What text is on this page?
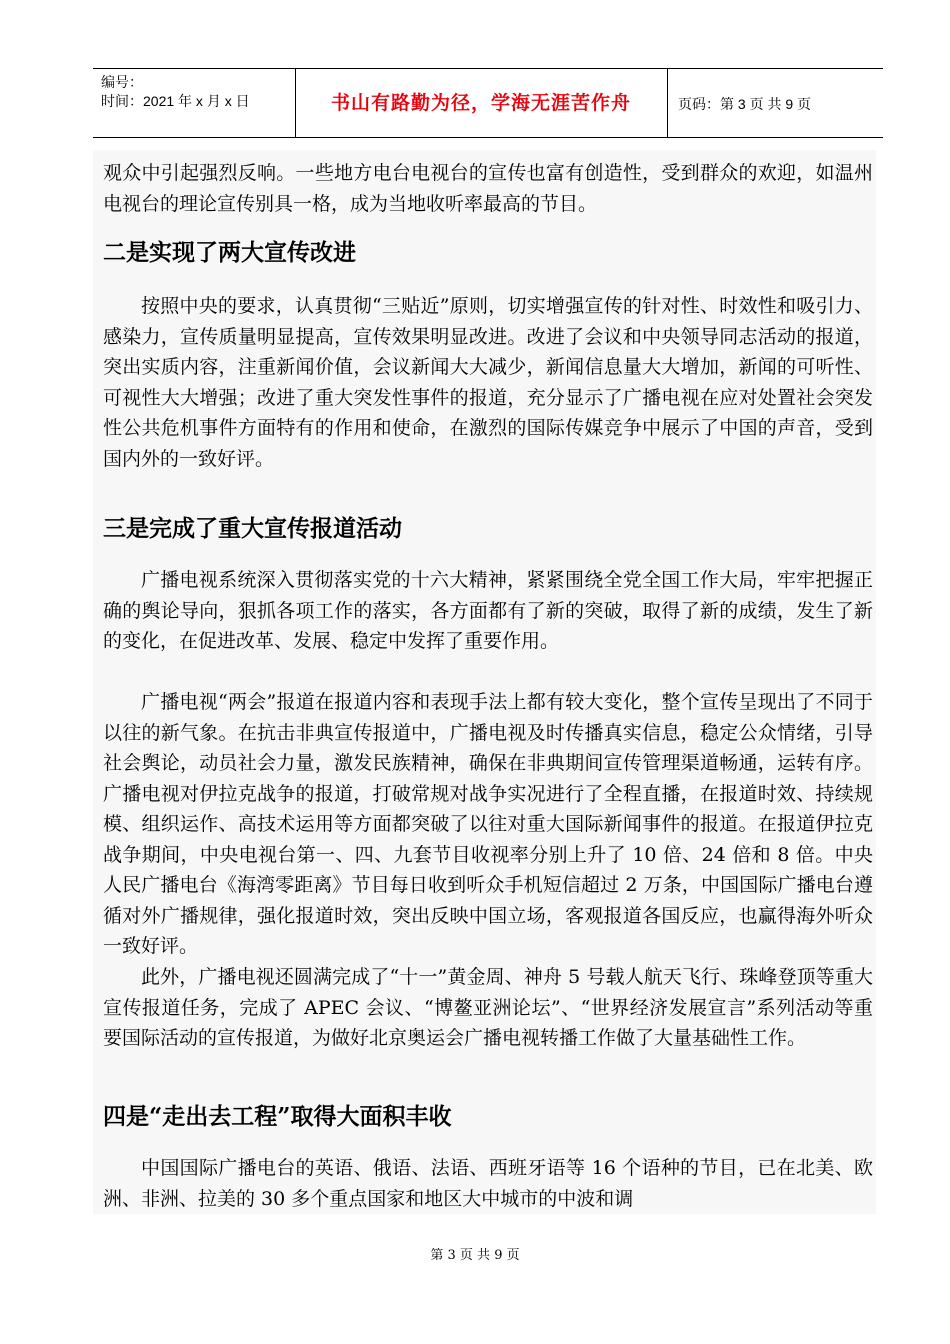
编号：
时间：2021 年 x 月 x 日	书山有路勤为径，学海无涯苦作舟	页码：第 3 页 共 9 页

观众中引起强烈反响。一些地方电台电视台的宣传也富有创造性，受到群众的欢迎，如温州电视台的理论宣传别具一格，成为当地收听率最高的节目。

二是实现了两大宣传改进

按照中央的要求，认真贯彻“三贴近”原则，切实增强宣传的针对性、时效性和吸引力、感染力，宣传质量明显提高，宣传效果明显改进。改进了会议和中央领导同志活动的报道，突出实质内容，注重新闻价值，会议新闻大大减少，新闻信息量大大增加，新闻的可听性、可视性大大增强；改进了重大突发性事件的报道，充分显示了广播电视在应对处置社会突发性公共危机事件方面特有的作用和使命，在激烈的国际传媒竞争中展示了中国的声音，受到国内外的一致好评。

三是完成了重大宣传报道活动

广播电视系统深入贯彻落实党的十六大精神，紧紧围绕全党全国工作大局，牢牢把握正确的舆论导向，狠抓各项工作的落实，各方面都有了新的突破，取得了新的成绩，发生了新的变化，在促进改革、发展、稳定中发挥了重要作用。

广播电视“两会”报道在报道内容和表现手法上都有较大变化，整个宣传呈现出了不同于以往的新气象。在抗击非典宣传报道中，广播电视及时传播真实信息，稳定公众情绪，引导社会舆论，动员社会力量，激发民族精神，确保在非典期间宣传管理渠道畅通，运转有序。广播电视对伊拉克战争的报道，打破常规对战争实况进行了全程直播，在报道时效、持续规模、组织运作、高技术运用等方面都突破了以往对重大国际新闻事件的报道。在报道伊拉克战争期间，中央电视台第一、四、九套节目收视率分别上升了 10 倍、24 倍和 8 倍。中央人民广播电台《海湾零距离》节目每日收到听众手机短信超过 2 万条，中国国际广播电台遵循对外广播规律，强化报道时效，突出反映中国立场，客观报道各国反应，也赢得海外听众一致好评。

此外，广播电视还圆满完成了“十一”黄金周、神舟 5 号载人航天飞行、珠峰登顶等重大宣传报道任务，完成了 APEC 会议、“博鳌亚洲论坛”、“世界经济发展宣言”系列活动等重要国际活动的宣传报道，为做好北京奥运会广播电视转播工作做了大量基础性工作。

四是“走出去工程”取得大面积丰收

中国国际广播电台的英语、俄语、法语、西班牙语等 16 个语种的节目，已在北美、欧洲、非洲、拉美的 30 多个重点国家和地区大中城市的中波和调

第 3 页 共 9 页
